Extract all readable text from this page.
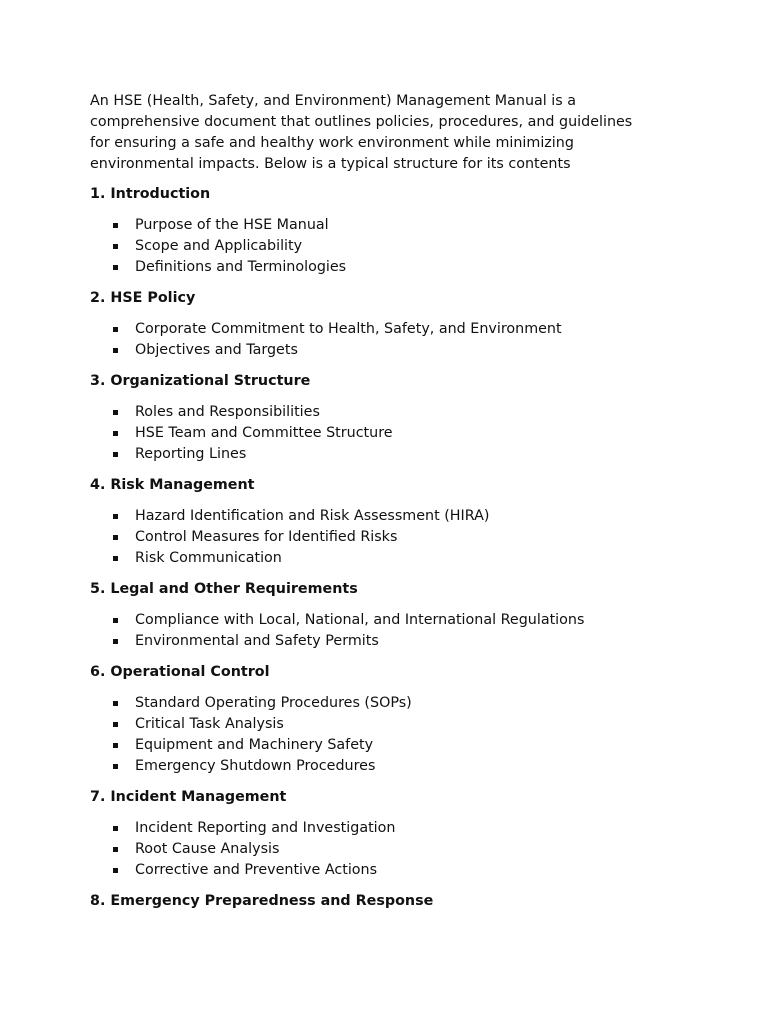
An HSE (Health, Safety, and Environment) Management Manual is a
comprehensive document that outlines policies, procedures, and guidelines
for ensuring a safe and healthy work environment while minimizing
environmental impacts. Below is a typical structure for its contents

1. Introduction
Purpose of the HSE Manual
Scope and Applicability
Definitions and Terminologies
2. HSE Policy
Corporate Commitment to Health, Safety, and Environment
Objectives and Targets
3. Organizational Structure
Roles and Responsibilities
HSE Team and Committee Structure
Reporting Lines
4. Risk Management
Hazard Identification and Risk Assessment (HIRA)
Control Measures for Identified Risks
Risk Communication
5. Legal and Other Requirements
Compliance with Local, National, and International Regulations
Environmental and Safety Permits
6. Operational Control
Standard Operating Procedures (SOPs)
Critical Task Analysis
Equipment and Machinery Safety
Emergency Shutdown Procedures
7. Incident Management
Incident Reporting and Investigation
Root Cause Analysis
Corrective and Preventive Actions
8. Emergency Preparedness and Response
